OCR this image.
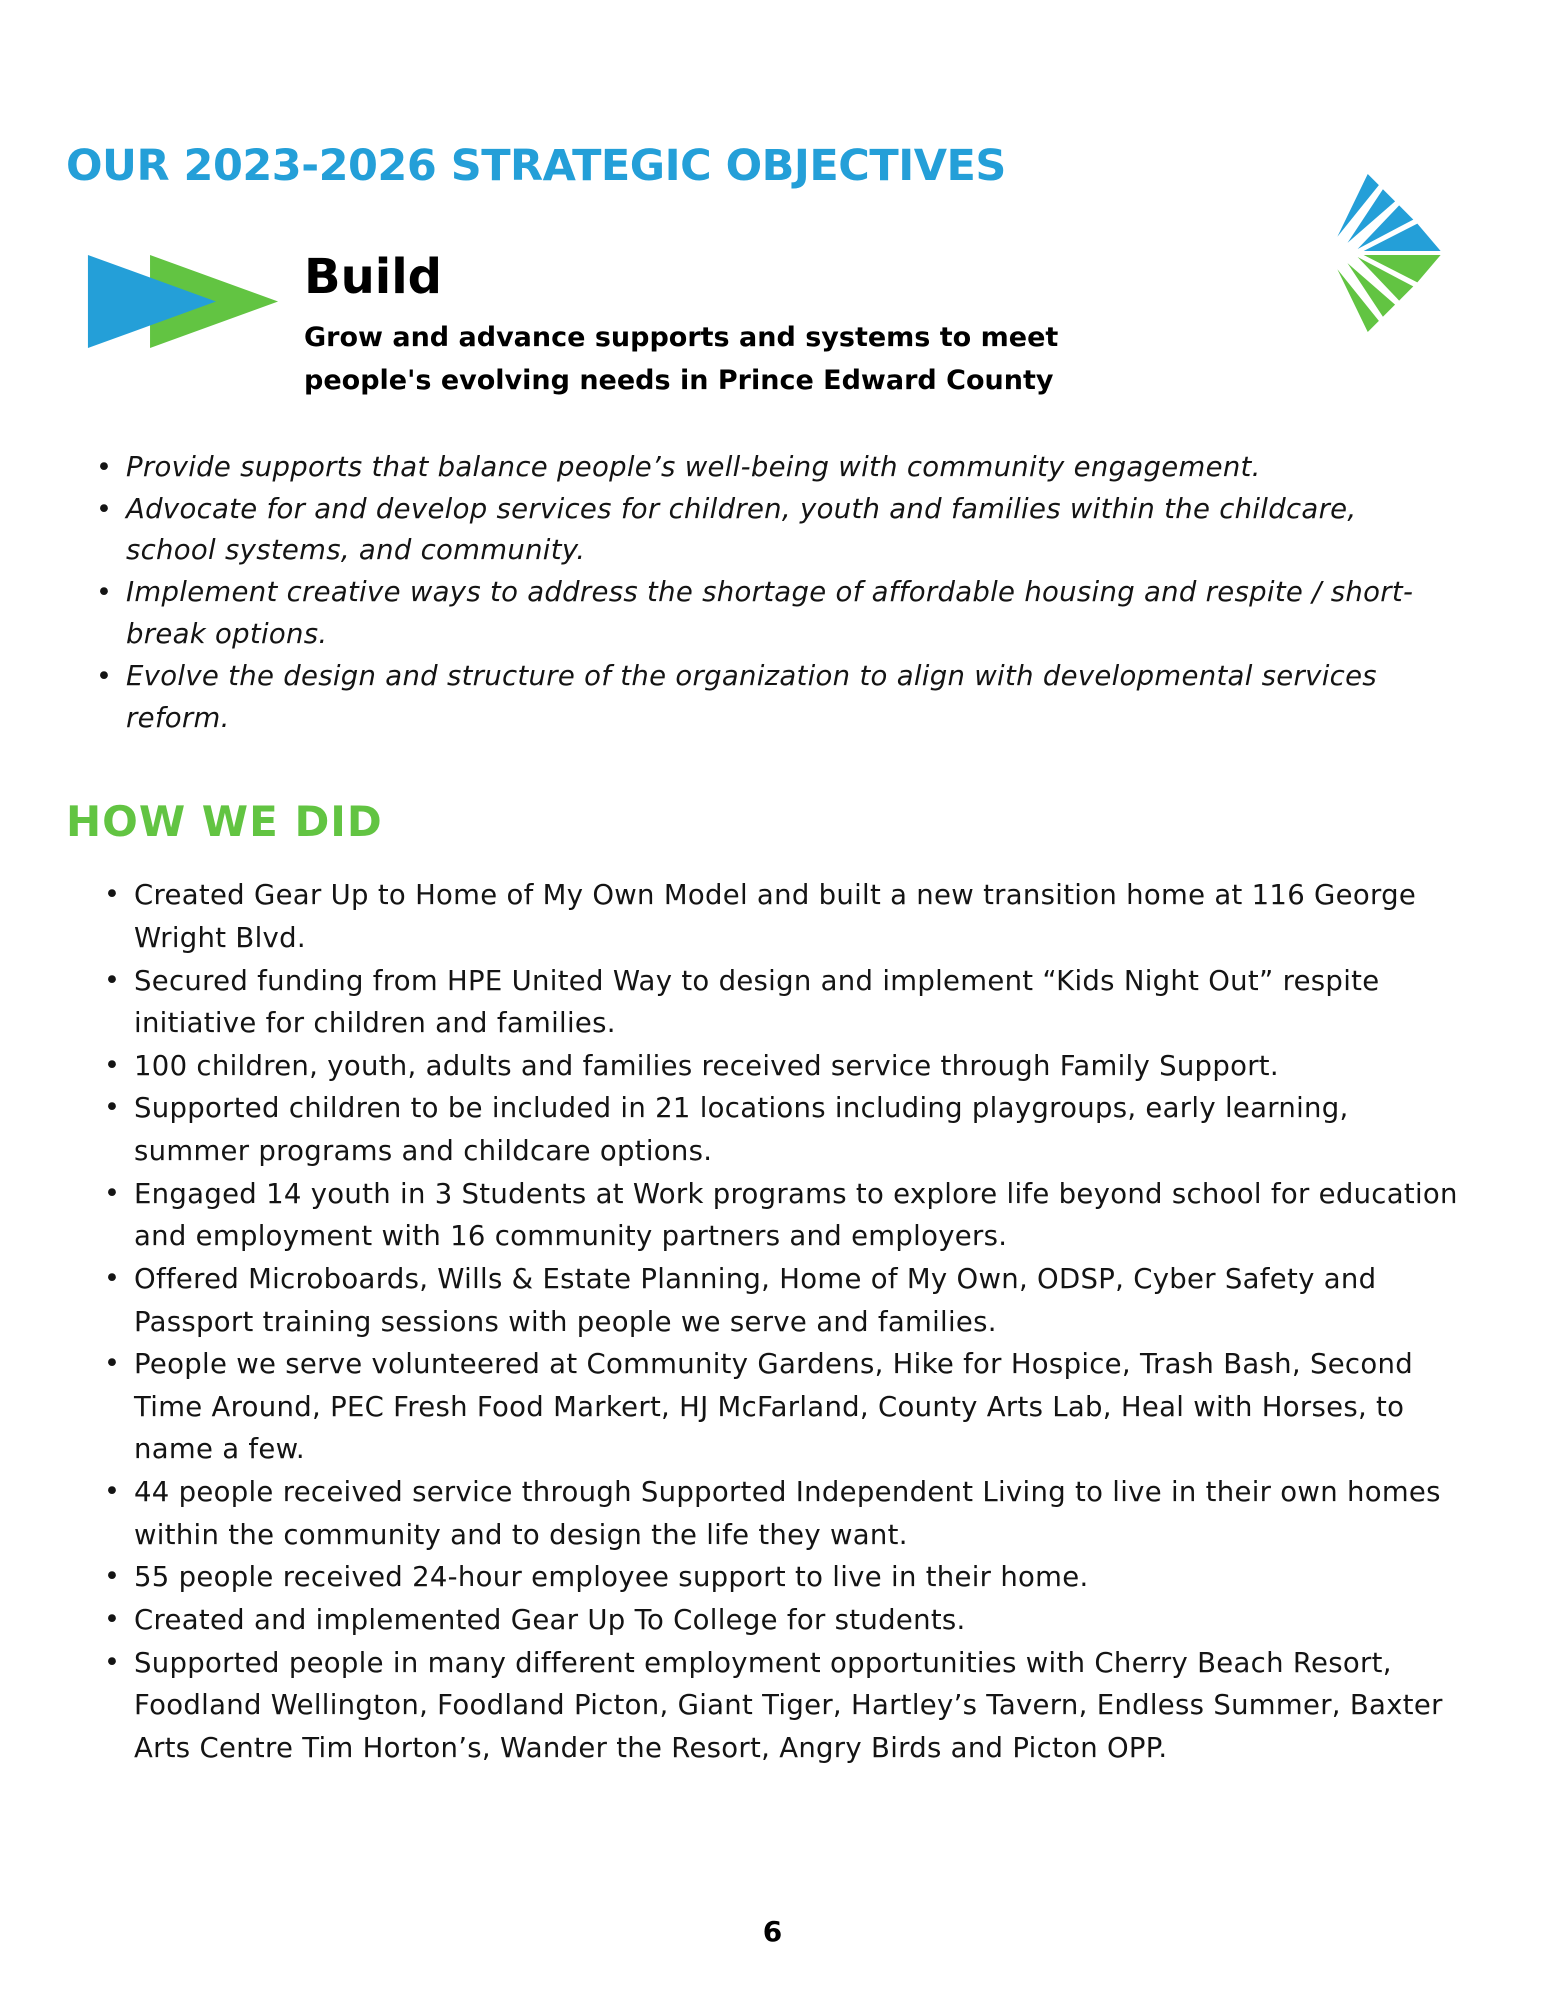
OUR 2023-2026 STRATEGIC OBJECTIVES
Build

Grow and advance supports and systems to meet
people's evolving needs in Prince Edward County

• Provide supports that balance people’s well-being with community engagement.
• Advocate for and develop services for children, youth and families within the childcare, school systems, and community.
• Implement creative ways to address the shortage of affordable housing and respite / short-break options.
• Evolve the design and structure of the organization to align with developmental services reform.
HOW WE DID
• Created Gear Up to Home of My Own Model and built a new transition home at 116 George Wright Blvd.
• Secured funding from HPE United Way to design and implement “Kids Night Out” respite initiative for children and families.
• 100 children, youth, adults and families received service through Family Support.
• Supported children to be included in 21 locations including playgroups, early learning, summer programs and childcare options.
• Engaged 14 youth in 3 Students at Work programs to explore life beyond school for education and employment with 16 community partners and employers.
• Offered Microboards, Wills & Estate Planning, Home of My Own, ODSP, Cyber Safety and Passport training sessions with people we serve and families.
• People we serve volunteered at Community Gardens, Hike for Hospice, Trash Bash, Second Time Around, PEC Fresh Food Markert, HJ McFarland, County Arts Lab, Heal with Horses, to name a few.
• 44 people received service through Supported Independent Living to live in their own homes within the community and to design the life they want.
• 55 people received 24-hour employee support to live in their home.
• Created and implemented Gear Up To College for students.
• Supported people in many different employment opportunities with Cherry Beach Resort, Foodland Wellington, Foodland Picton, Giant Tiger, Hartley’s Tavern, Endless Summer, Baxter Arts Centre Tim Horton’s, Wander the Resort, Angry Birds and Picton OPP.
6
